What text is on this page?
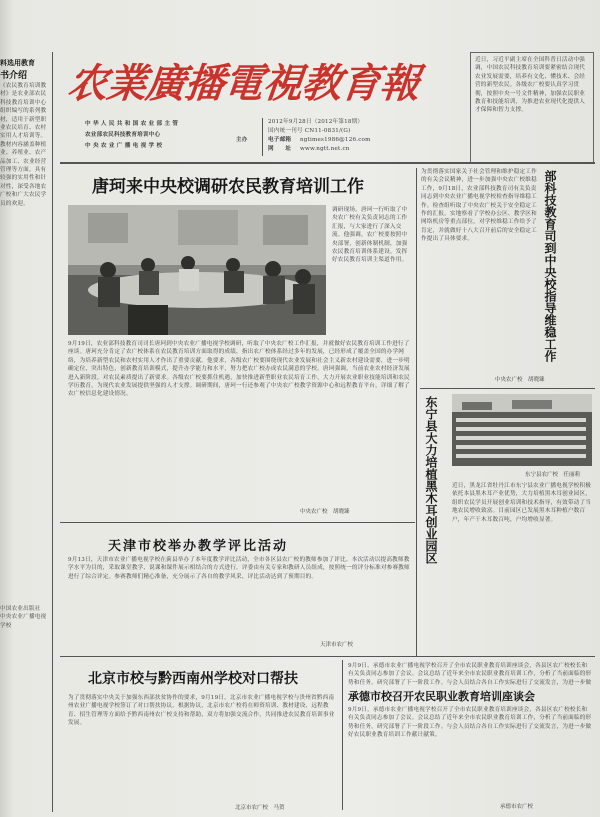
料选用教育
书介绍
《农民教育培训教材》是农业部农民科技教育培训中心组织编写的系列教材，适用于新型职业农民培育、农村实用人才培训等。教材内容涵盖种植业、养殖业、农产品加工、农业经营管理等方面，具有较强的实用性和针对性，深受各地农广校和广大农民学员的欢迎。
中国农业出版社 中央农业广播电视学校
农業廣播電視教育報
中 华 人 民 共 和 国 农 业 部 主 管
农业部农民科技教育培训中心
中 央 农 业 广 播 电 视 学 校
主办
2012年9月28日（2012年第18期）
国内统一刊号 CN11-0831/(G)
电子邮箱	ngtimes1986@126.com
网　　址	www.ngtt.net.cn
近日，习近平副主席在全国科普日活动中强调，中国农民科技教育培训要紧密结合现代农业发展需要，培养有文化、懂技术、会经营的新型农民。各级农广校要认真学习贯彻，按照中央一号文件精神，加强农民职业教育和技能培训，为推进农业现代化提供人才保障和智力支撑。
唐珂来中央校调研农民教育培训工作
调研现场，唐珂一行听取了中央农广校有关负责同志的工作汇报，与大家进行了深入交流。他强调，农广校要按照中央部署，创新体制机制，加强农民教育培训体系建设，发挥好农民教育培训主渠道作用。
9月19日，农业部科技教育司司长唐珂到中央农业广播电视学校调研，听取了中央农广校工作汇报，并就做好农民教育培训工作进行了座谈。唐珂充分肯定了农广校体系在农民教育培训方面取得的成绩，指出农广校体系经过多年的发展，已经形成了覆盖全国的办学网络，为培养新型农民和农村实用人才作出了重要贡献。他要求，各级农广校要围绕现代农业发展和社会主义新农村建设需要，进一步明确定位，突出特色，创新教育培训模式，提升办学能力和水平，努力把农广校办成农民满意的学校。唐珂强调，当前农业农村经济发展进入新阶段，对农民素质提出了新要求。各级农广校要抓住机遇，加快推进新型职业农民培育工作，大力开展农业职业技能培训和农民学历教育，为现代农业发展提供坚强的人才支撑。调研期间，唐珂一行还参观了中央农广校教学资源中心和远程教育平台，详细了解了农广校信息化建设情况。
中央农广校　胡晓臻
天津市校举办教学评比活动
9月13日，天津市农业广播电视学校在蓟县举办了本年度教学评比活动，全市各区县农广校的教师参加了评比。本次活动以提高教师教学水平为目的，采取课堂教学、说课和课件展示相结合的方式进行。评委由有关专家和教研人员组成，按照统一的评分标准对参赛教师进行了综合评定。参赛教师们精心准备，充分展示了各自的教学风采，评比活动达到了预期目的。
天津市农广校
北京市校与黔西南州学校对口帮扶
为了贯彻落实中央关于加强东西部扶贫协作的要求，9月19日，北京市农业广播电视学校与贵州省黔西南州农业广播电视学校签订了对口帮扶协议。根据协议，北京市农广校将在师资培训、教材建设、远程教育、招生管理等方面给予黔西南州农广校支持和帮助，双方将加强交流合作，共同推进农民教育培训事业发展。
北京市农广校　马贺
为贯彻落实国家关于社会管理和维护稳定工作的有关会议精神，进一步加强中央农广校维稳工作，9月18日，农业部科技教育司有关负责同志到中央农业广播电视学校检查指导维稳工作。检查组听取了中央农广校关于安全稳定工作的汇报，实地察看了学校办公区、教学区和网络机房等重点部位，对学校维稳工作给予了肯定，并就做好十八大召开前后的安全稳定工作提出了具体要求。	部科技教育司到中央校指导维稳工作
中央农广校　胡晓臻
东宁县大力培植黑木耳创业园区	东宁县农广校　任丽莉
近日，黑龙江省牡丹江市东宁县农业广播电视学校积极依托本县黑木耳产业优势，大力培植黑木耳创业园区，组织农民学员开展创业培训和技术指导，有效带动了当地农民增收致富。目前园区已发展黑木耳种植户数百户，年产干木耳数百吨，户均增收显著。
承德市校召开农民职业教育培训座谈会
9月9日，承德市农业广播电视学校召开了全市农民职业教育培训座谈会，各县区农广校校长和有关负责同志参加了会议。会议总结了近年来全市农民职业教育培训工作，分析了当前面临的形势和任务，研究部署了下一阶段工作。与会人员结合各自工作实际进行了交流发言，为进一步做
9月9日，承德市农业广播电视学校召开了全市农民职业教育培训座谈会，各县区农广校校长和有关负责同志参加了会议。会议总结了近年来全市农民职业教育培训工作，分析了当前面临的形势和任务，研究部署了下一阶段工作。与会人员结合各自工作实际进行了交流发言，为进一步做好农民职业教育培训工作献计献策。
承德市农广校
